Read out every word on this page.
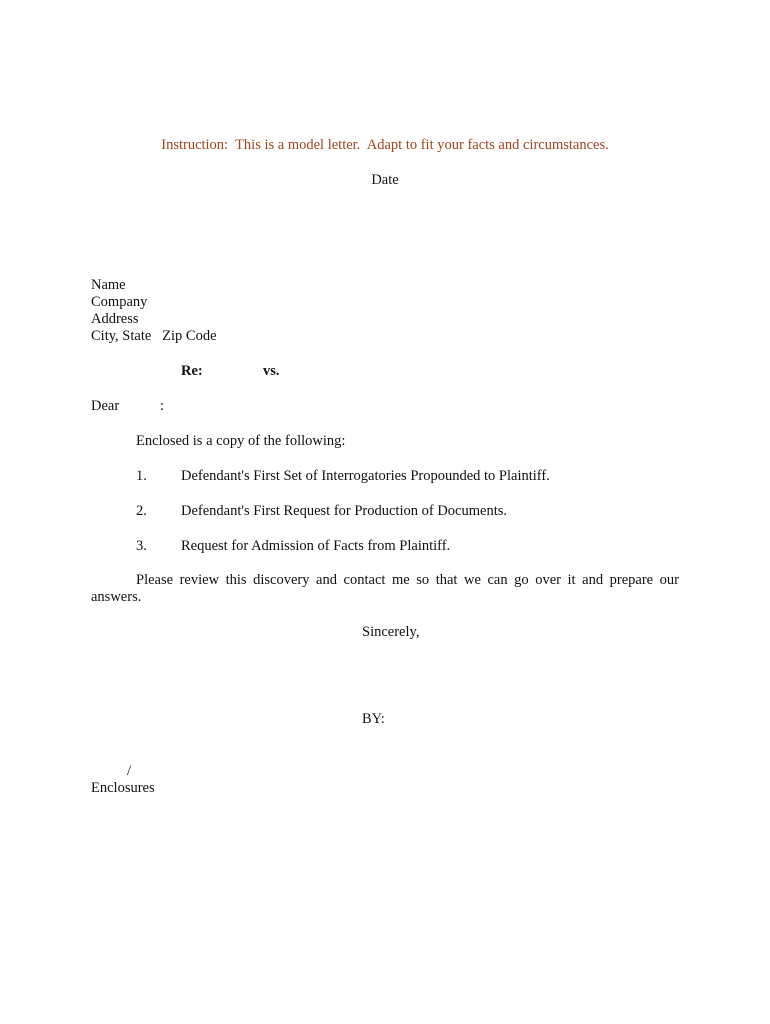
Instruction:  This is a model letter.  Adapt to fit your facts and circumstances.
Date
Name
Company
Address
City, State   Zip Code
Re:	vs.
Dear	:
Enclosed is a copy of the following:
1. Defendant's First Set of Interrogatories Propounded to Plaintiff.
2. Defendant's First Request for Production of Documents.
3. Request for Admission of Facts from Plaintiff.
Please review this discovery and contact me so that we can go over it and prepare our answers.
Sincerely,
BY:
/
Enclosures
